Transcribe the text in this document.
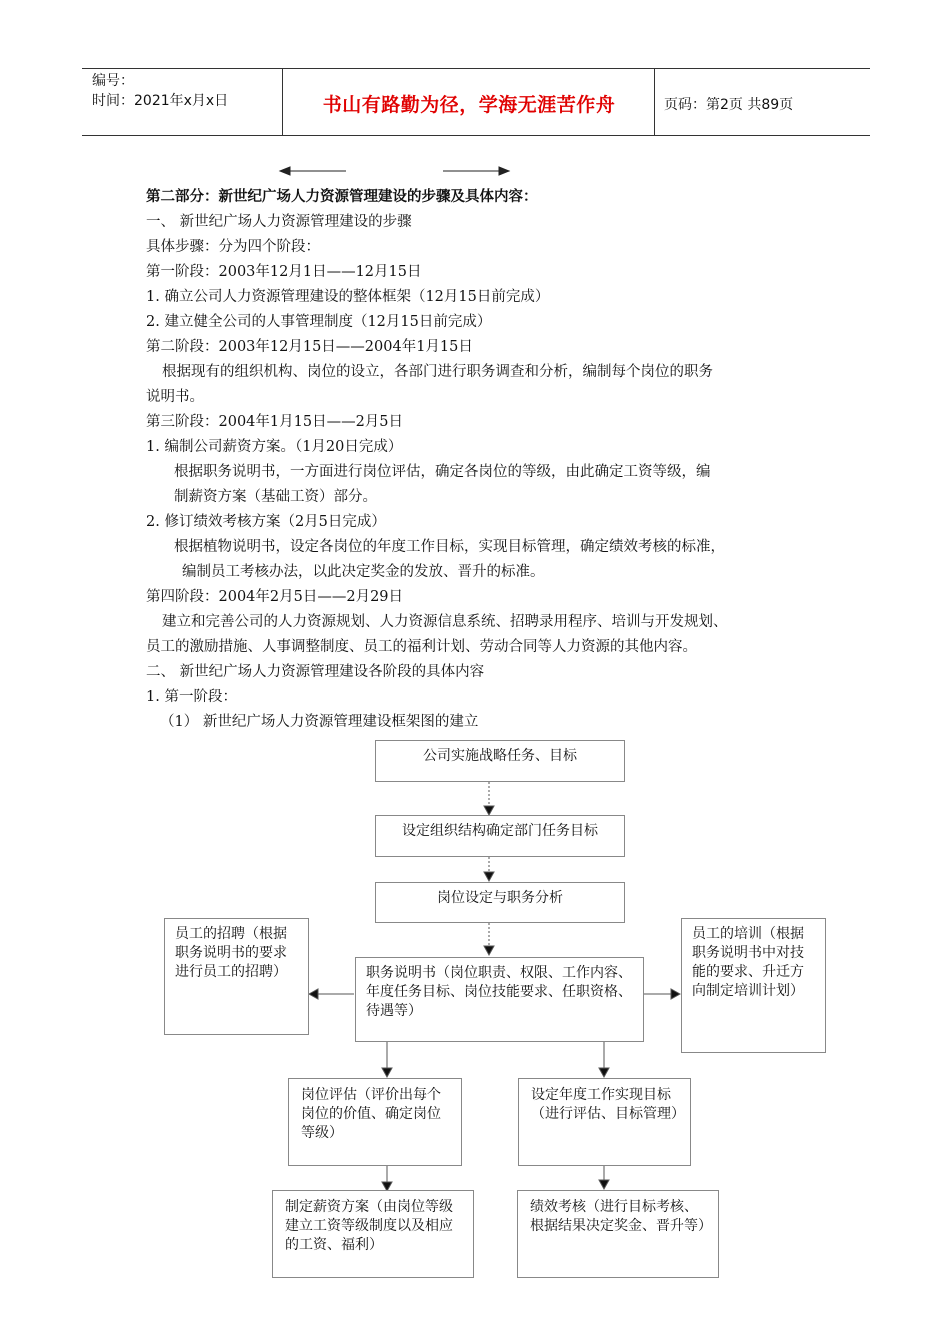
编号：
时间：2021年x月x日	书山有路勤为径，学海无涯苦作舟	页码：第2页 共89页
第二部分：新世纪广场人力资源管理建设的步骤及具体内容：
一、 新世纪广场人力资源管理建设的步骤
具体步骤：分为四个阶段：
第一阶段：2003年12月1日——12月15日
1. 确立公司人力资源管理建设的整体框架（12月15日前完成）
2. 建立健全公司的人事管理制度（12月15日前完成）
第二阶段：2003年12月15日——2004年1月15日
根据现有的组织机构、岗位的设立，各部门进行职务调查和分析，编制每个岗位的职务
说明书。
第三阶段：2004年1月15日——2月5日
1. 编制公司薪资方案。（1月20日完成）
根据职务说明书，一方面进行岗位评估，确定各岗位的等级，由此确定工资等级，编
制薪资方案（基础工资）部分。
2. 修订绩效考核方案（2月5日完成）
根据植物说明书，设定各岗位的年度工作目标，实现目标管理，确定绩效考核的标准，
编制员工考核办法，以此决定奖金的发放、晋升的标准。
第四阶段：2004年2月5日——2月29日
建立和完善公司的人力资源规划、人力资源信息系统、招聘录用程序、培训与开发规划、
员工的激励措施、人事调整制度、员工的福利计划、劳动合同等人力资源的其他内容。
二、 新世纪广场人力资源管理建设各阶段的具体内容
1. 第一阶段：
（1） 新世纪广场人力资源管理建设框架图的建立
公司实施战略任务、目标
设定组织结构确定部门任务目标
岗位设定与职务分析
职务说明书（岗位职责、权限、工作内容、年度任务目标、岗位技能要求、任职资格、待遇等）
员工的招聘（根据职务说明书的要求进行员工的招聘）
员工的培训（根据职务说明书中对技能的要求、升迁方向制定培训计划）
岗位评估（评价出每个岗位的价值、确定岗位等级）
设定年度工作实现目标（进行评估、目标管理）
制定薪资方案（由岗位等级建立工资等级制度以及相应的工资、福利）
绩效考核（进行目标考核、根据结果决定奖金、晋升等）
